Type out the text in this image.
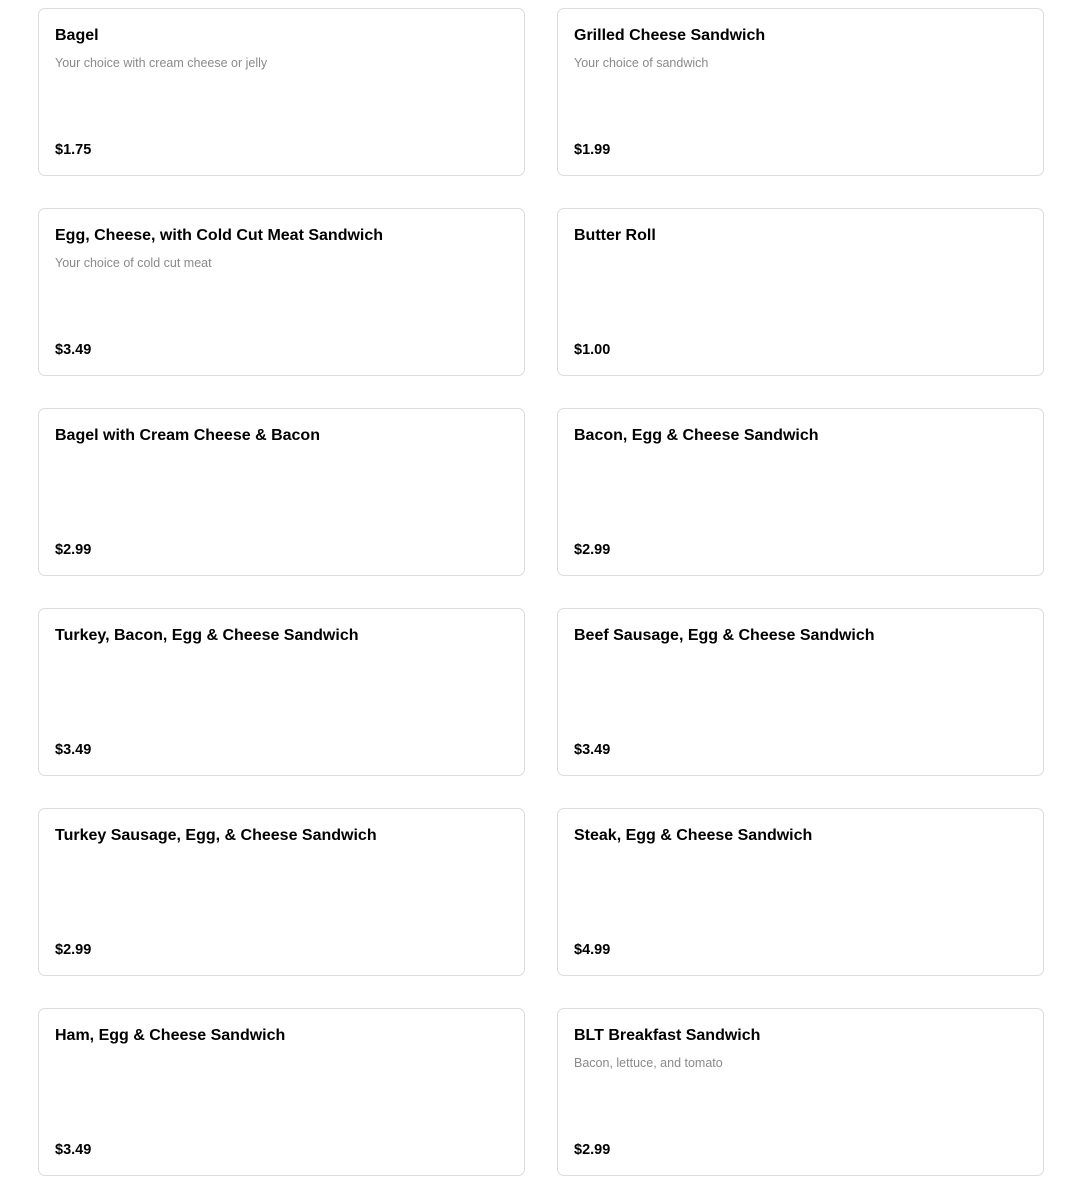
Bagel
Your choice with cream cheese or jelly
$1.75
Grilled Cheese Sandwich
Your choice of sandwich
$1.99
Egg, Cheese, with Cold Cut Meat Sandwich
Your choice of cold cut meat
$3.49
Butter Roll
$1.00
Bagel with Cream Cheese & Bacon
$2.99
Bacon, Egg & Cheese Sandwich
$2.99
Turkey, Bacon, Egg & Cheese Sandwich
$3.49
Beef Sausage, Egg & Cheese Sandwich
$3.49
Turkey Sausage, Egg, & Cheese Sandwich
$2.99
Steak, Egg & Cheese Sandwich
$4.99
Ham, Egg & Cheese Sandwich
$3.49
BLT Breakfast Sandwich
Bacon, lettuce, and tomato
$2.99
